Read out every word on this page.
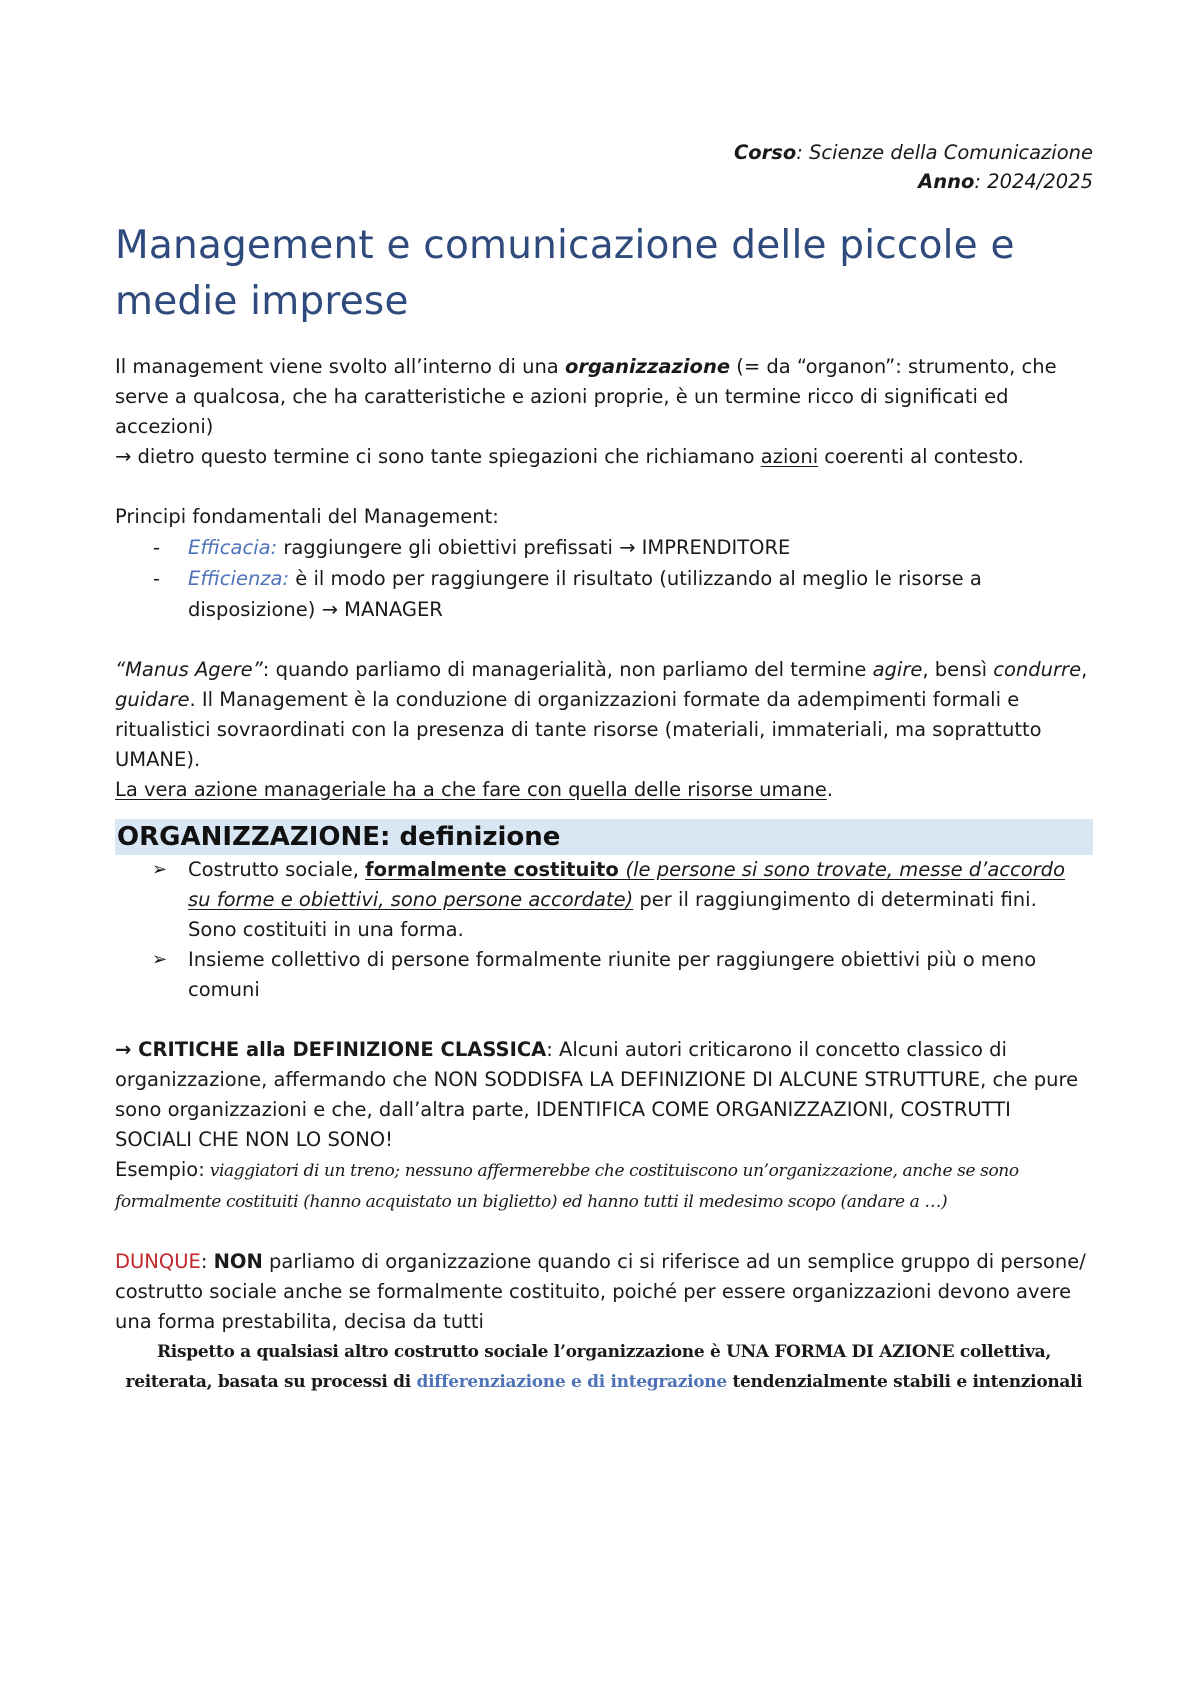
Corso: Scienze della Comunicazione
Anno: 2024/2025
Management e comunicazione delle piccole e medie imprese

Il management viene svolto all’interno di una organizzazione (= da “organon”: strumento, che serve a qualcosa, che ha caratteristiche e azioni proprie, è un termine ricco di significati ed accezioni)

→ dietro questo termine ci sono tante spiegazioni che richiamano azioni coerenti al contesto.

Principi fondamentali del Management:

- Efficacia: raggiungere gli obiettivi prefissati → IMPRENDITORE
- Efficienza: è il modo per raggiungere il risultato (utilizzando al meglio le risorse a disposizione) → MANAGER

“Manus Agere”: quando parliamo di managerialità, non parliamo del termine agire, bensì condurre, guidare. Il Management è la conduzione di organizzazioni formate da adempimenti formali e ritualistici sovraordinati con la presenza di tante risorse (materiali, immateriali, ma soprattutto UMANE).

La vera azione manageriale ha a che fare con quella delle risorse umane.

ORGANIZZAZIONE: definizione
➢ Costrutto sociale, formalmente costituito (le persone si sono trovate, messe d’accordo su forme e obiettivi, sono persone accordate) per il raggiungimento di determinati fini.
Sono costituiti in una forma.
➢ Insieme collettivo di persone formalmente riunite per raggiungere obiettivi più o meno comuni

→ CRITICHE alla DEFINIZIONE CLASSICA: Alcuni autori criticarono il concetto classico di organizzazione, affermando che NON SODDISFA LA DEFINIZIONE DI ALCUNE STRUTTURE, che pure sono organizzazioni e che, dall’altra parte, IDENTIFICA COME ORGANIZZAZIONI, COSTRUTTI SOCIALI CHE NON LO SONO!

Esempio: viaggiatori di un treno; nessuno affermerebbe che costituiscono un’organizzazione, anche se sono formalmente costituiti (hanno acquistato un biglietto) ed hanno tutti il medesimo scopo (andare a …)

DUNQUE: NON parliamo di organizzazione quando ci si riferisce ad un semplice gruppo di persone/ costrutto sociale anche se formalmente costituito, poiché per essere organizzazioni devono avere una forma prestabilita, decisa da tutti

Rispetto a qualsiasi altro costrutto sociale l’organizzazione è UNA FORMA DI AZIONE collettiva, reiterata, basata su processi di differenziazione e di integrazione tendenzialmente stabili e intenzionali
